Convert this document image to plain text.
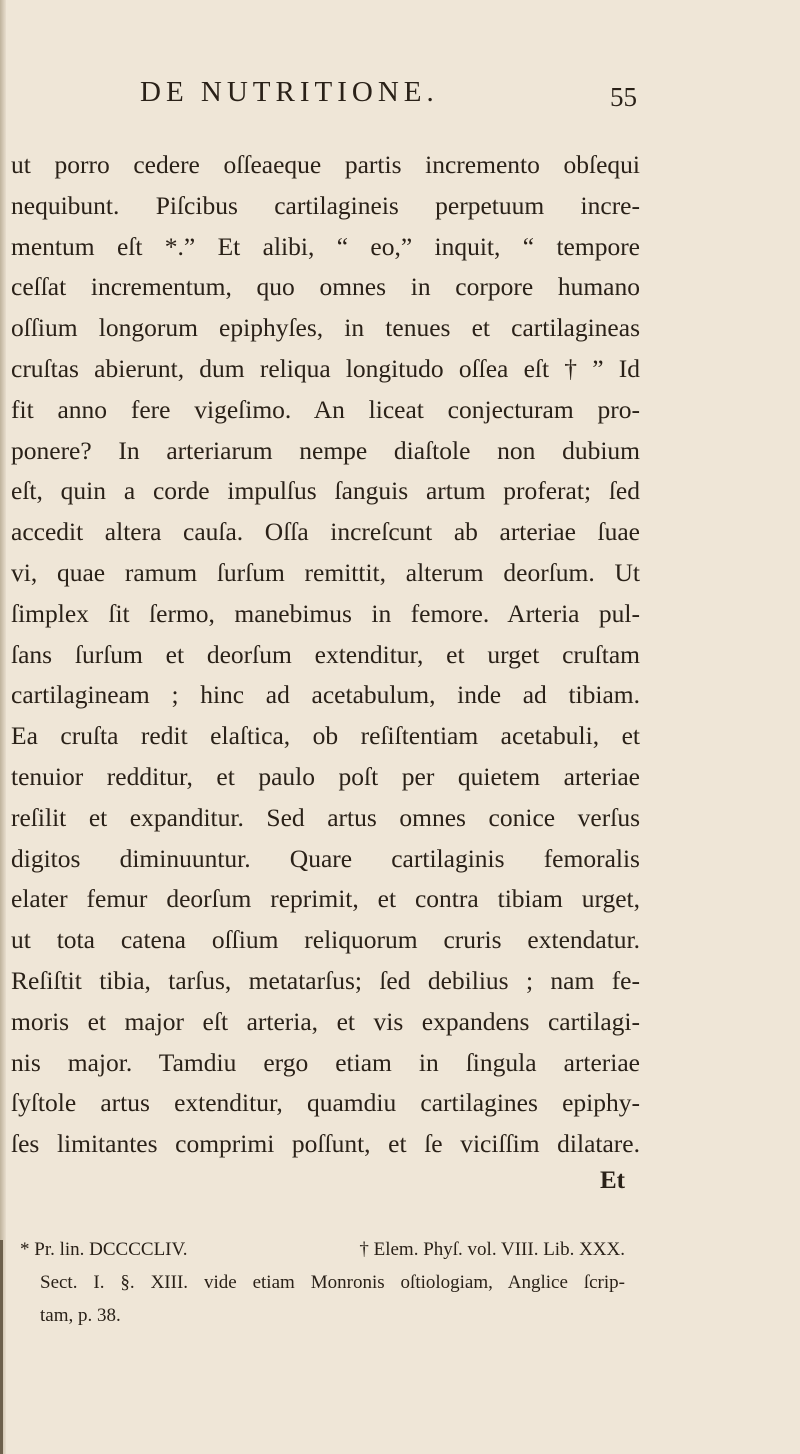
DE NUTRITIONE.	55
ut porro cedere oſſeaeque partis incremento obſequi
nequibunt. Piſcibus cartilagineis perpetuum incre-
mentum eſt *.” Et alibi, “ eo,” inquit, “ tempore
ceſſat incrementum, quo omnes in corpore humano
oſſium longorum epiphyſes, in tenues et cartilagineas
cruſtas abierunt, dum reliqua longitudo oſſea eſt † ” Id
fit anno fere vigeſimo. An liceat conjecturam pro-
ponere? In arteriarum nempe diaſtole non dubium
eſt, quin a corde impulſus ſanguis artum proferat; ſed
accedit altera cauſa. Oſſa increſcunt ab arteriae ſuae
vi, quae ramum ſurſum remittit, alterum deorſum. Ut
ſimplex ſit ſermo, manebimus in femore. Arteria pul-
ſans ſurſum et deorſum extenditur, et urget cruſtam
cartilagineam ; hinc ad acetabulum, inde ad tibiam.
Ea cruſta redit elaſtica, ob reſiſtentiam acetabuli, et
tenuior redditur, et paulo poſt per quietem arteriae
reſilit et expanditur. Sed artus omnes conice verſus
digitos diminuuntur. Quare cartilaginis femoralis
elater femur deorſum reprimit, et contra tibiam urget,
ut tota catena oſſium reliquorum cruris extendatur.
Reſiſtit tibia, tarſus, metatarſus; ſed debilius ; nam fe-
moris et major eſt arteria, et vis expandens cartilagi-
nis major. Tamdiu ergo etiam in ſingula arteriae
ſyſtole artus extenditur, quamdiu cartilagines epiphy-
ſes limitantes comprimi poſſunt, et ſe viciſſim dilatare.
Et
* Pr. lin. DCCCCLIV.	† Elem. Phyſ. vol. VIII. Lib. XXX.
Sect. I. §. XIII. vide etiam Monronis oſtiologiam, Anglice ſcrip-
tam, p. 38.
